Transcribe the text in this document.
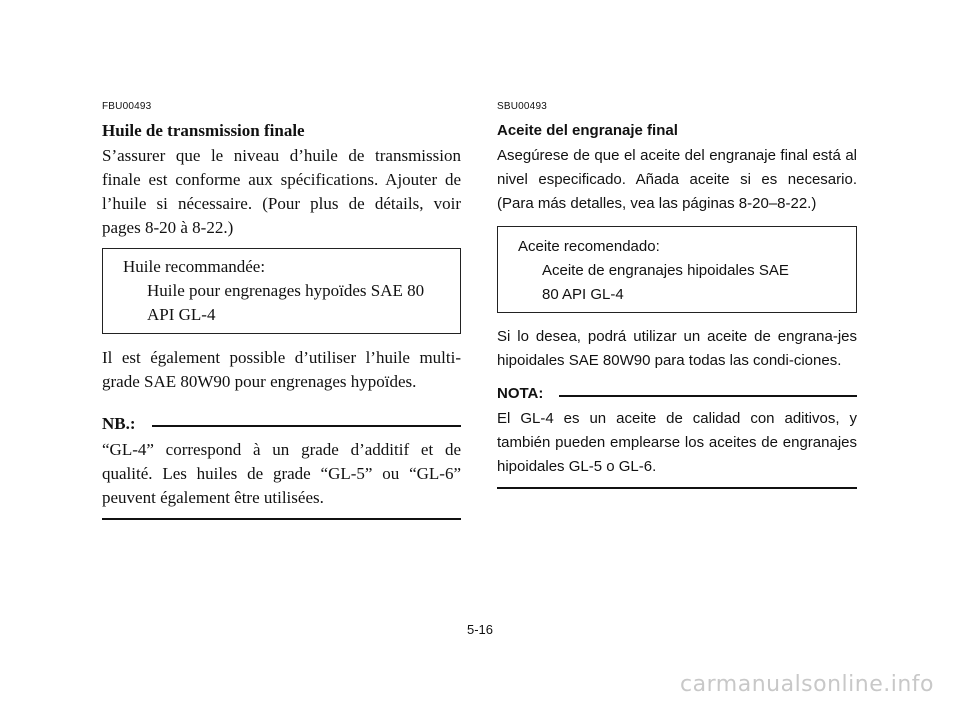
FBU00493

Huile de transmission finale

S’assurer que le niveau d’huile de transmission finale est conforme aux spécifications. Ajouter de l’huile si nécessaire. (Pour plus de détails, voir pages 8-20 à 8-22.)

Huile recommandée:

Huile pour engrenages hypoïdes SAE 80

API GL-4

Il est également possible d’utiliser l’huile multi-grade SAE 80W90 pour engrenages hypoïdes.

NB.:

“GL-4” correspond à un grade d’additif et de qualité. Les huiles de grade “GL-5” ou “GL-6” peuvent également être utilisées.

SBU00493

Aceite del engranaje final

Asegúrese de que el aceite del engranaje final está al nivel especificado. Añada aceite si es necesario. (Para más detalles, vea las páginas 8-20–8-22.)

Aceite recomendado:

Aceite de engranajes hipoidales SAE

80 API GL-4

Si lo desea, podrá utilizar un aceite de engrana-jes hipoidales SAE 80W90 para todas las condi-ciones.

NOTA:

El GL-4 es un aceite de calidad con aditivos, y también pueden emplearse los aceites de engranajes hipoidales GL-5 o GL-6.

5-16
carmanualsonline.info
